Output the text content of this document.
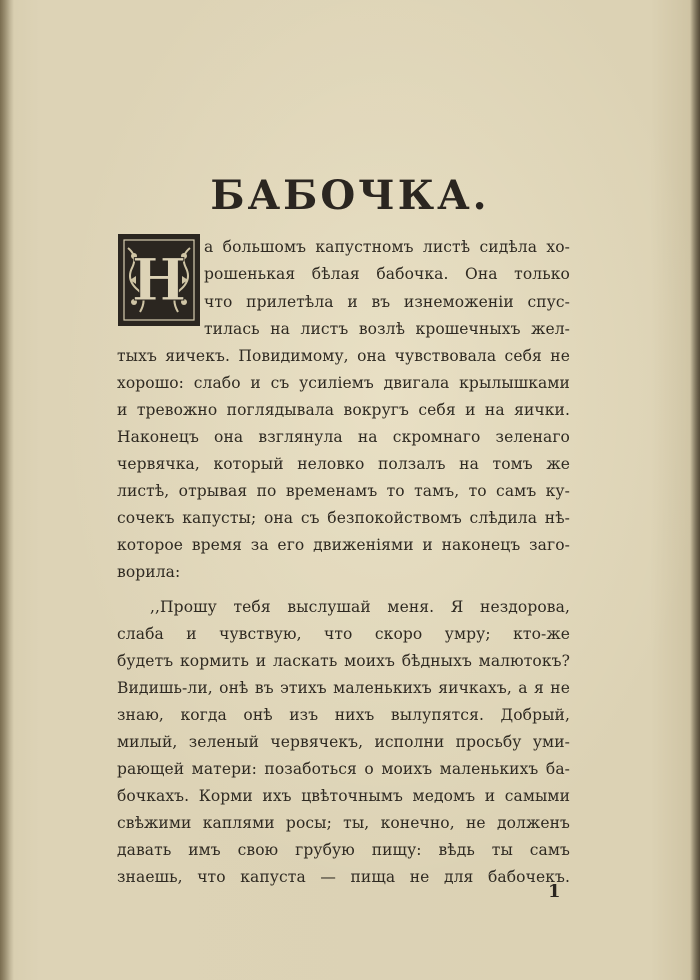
БАБОЧКА.
Н а большомъ капустномъ листѣ сидѣла хо-
рошенькая бѣлая бабочка. Она только
что прилетѣла и въ изнеможеніи спус-
тилась на листъ возлѣ крошечныхъ жел-
тыхъ яичекъ. Повидимому, она чувствовала себя не
хорошо: слабо и съ усиліемъ двигала крылышками
и тревожно поглядывала вокругъ себя и на яички.
Наконецъ она взглянула на скромнаго зеленаго
червячка, который неловко ползалъ на томъ же
листѣ, отрывая по временамъ то тамъ, то самъ ку-
сочекъ капусты; она съ безпокойствомъ слѣдила нѣ-
которое время за его движеніями и наконецъ заго-
ворила:
,,Прошу тебя выслушай меня. Я нездорова,
слаба и чувствую, что скоро умру; кто-же
будетъ кормить и ласкать моихъ бѣдныхъ малютокъ?
Видишь-ли, онѣ въ этихъ маленькихъ яичкахъ, а я не
знаю, когда онѣ изъ нихъ вылупятся. Добрый,
милый, зеленый червячекъ, исполни просьбу уми-
рающей матери: позаботься о моихъ маленькихъ ба-
бочкахъ. Корми ихъ цвѣточнымъ медомъ и самыми
свѣжими каплями росы; ты, конечно, не долженъ
давать имъ свою грубую пищу: вѣдь ты самъ
знаешь, что капуста — пища не для бабочекъ.
1
